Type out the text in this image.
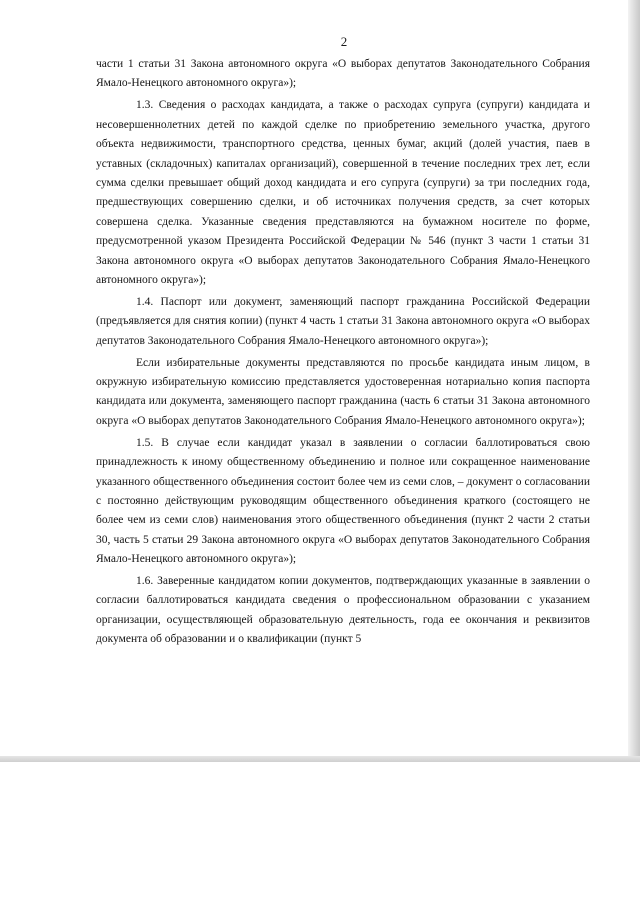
2

части 1 статьи 31 Закона автономного округа «О выборах депутатов Законодательного Собрания Ямало-Ненецкого автономного округа»);

1.3. Сведения о расходах кандидата, а также о расходах супруга (супруги) кандидата и несовершеннолетних детей по каждой сделке по приобретению земельного участка, другого объекта недвижимости, транспортного средства, ценных бумаг, акций (долей участия, паев в уставных (складочных) капиталах организаций), совершенной в течение последних трех лет, если сумма сделки превышает общий доход кандидата и его супруга (супруги) за три последних года, предшествующих совершению сделки, и об источниках получения средств, за счет которых совершена сделка. Указанные сведения представляются на бумажном носителе по форме, предусмотренной указом Президента Российской Федерации № 546 (пункт 3 части 1 статьи 31 Закона автономного округа «О выборах депутатов Законодательного Собрания Ямало-Ненецкого автономного округа»);

1.4. Паспорт или документ, заменяющий паспорт гражданина Российской Федерации (предъявляется для снятия копии) (пункт 4 часть 1 статьи 31 Закона автономного округа «О выборах депутатов Законодательного Собрания Ямало-Ненецкого автономного округа»);

Если избирательные документы представляются по просьбе кандидата иным лицом, в окружную избирательную комиссию представляется удостоверенная нотариально копия паспорта кандидата или документа, заменяющего паспорт гражданина (часть 6 статьи 31 Закона автономного округа «О выборах депутатов Законодательного Собрания Ямало-Ненецкого автономного округа»);

1.5. В случае если кандидат указал в заявлении о согласии баллотироваться свою принадлежность к иному общественному объединению и полное или сокращенное наименование указанного общественного объединения состоит более чем из семи слов, – документ о согласовании с постоянно действующим руководящим общественного объединения краткого (состоящего не более чем из семи слов) наименования этого общественного объединения (пункт 2 части 2 статьи 30, часть 5 статьи 29 Закона автономного округа «О выборах депутатов Законодательного Собрания Ямало-Ненецкого автономного округа»);

1.6. Заверенные кандидатом копии документов, подтверждающих указанные в заявлении о согласии баллотироваться кандидата сведения о профессиональном образовании с указанием организации, осуществляющей образовательную деятельность, года ее окончания и реквизитов документа об образовании и о квалификации (пункт 5
